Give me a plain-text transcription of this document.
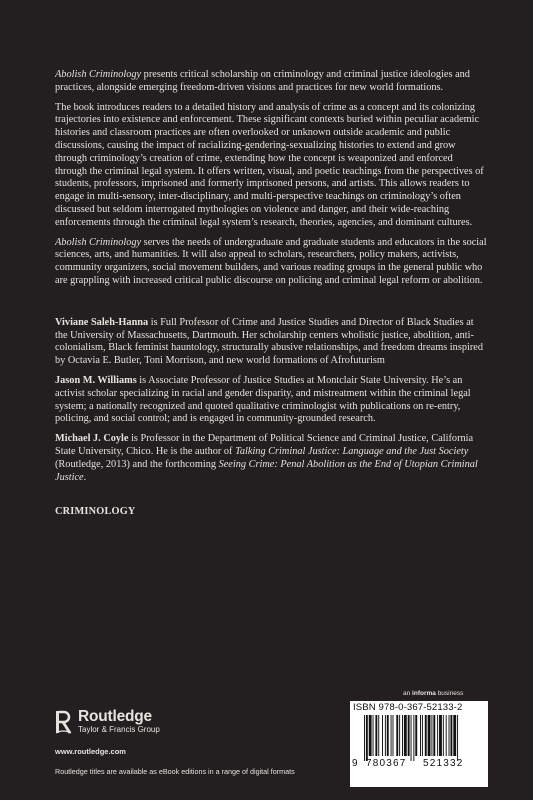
Abolish Criminology presents critical scholarship on criminology and criminal justice ideologies and practices, alongside emerging freedom-driven visions and practices for new world formations.

The book introduces readers to a detailed history and analysis of crime as a concept and its colonizing trajectories into existence and enforcement. These significant contexts buried within peculiar academic histories and classroom practices are often overlooked or unknown outside academic and public discussions, causing the impact of racializing-gendering-sexualizing histories to extend and grow through criminology’s creation of crime, extending how the concept is weaponized and enforced through the criminal legal system. It offers written, visual, and poetic teachings from the perspectives of students, professors, imprisoned and formerly imprisoned persons, and artists. This allows readers to engage in multi-sensory, inter-disciplinary, and multi-perspective teachings on criminology’s often discussed but seldom interrogated mythologies on violence and danger, and their wide-reaching enforcements through the criminal legal system’s research, theories, agencies, and dominant cultures.

Abolish Criminology serves the needs of undergraduate and graduate students and educators in the social sciences, arts, and humanities. It will also appeal to scholars, researchers, policy makers, activists, community organizers, social movement builders, and various reading groups in the general public who are grappling with increased critical public discourse on policing and criminal legal reform or abolition.

Viviane Saleh-Hanna is Full Professor of Crime and Justice Studies and Director of Black Studies at the University of Massachusetts, Dartmouth. Her scholarship centers wholistic justice, abolition, anti-colonialism, Black feminist hauntology, structurally abusive relationships, and freedom dreams inspired by Octavia E. Butler, Toni Morrison, and new world formations of Afrofuturism

Jason M. Williams is Associate Professor of Justice Studies at Montclair State University. He’s an activist scholar specializing in racial and gender disparity, and mistreatment within the criminal legal system; a nationally recognized and quoted qualitative criminologist with publications on re-entry, policing, and social control; and is engaged in community-grounded research.

Michael J. Coyle is Professor in the Department of Political Science and Criminal Justice, California State University, Chico. He is the author of Talking Criminal Justice: Language and the Just Society (Routledge, 2013) and the forthcoming Seeing Crime: Penal Abolition as the End of Utopian Criminal Justice.

CRIMINOLOGY

Routledge
Taylor & Francis Group
www.routledge.com
Routledge titles are available as eBook editions in a range of digital formats
an informa business
ISBN 978-0-367-52133-2
9 780367 521332
